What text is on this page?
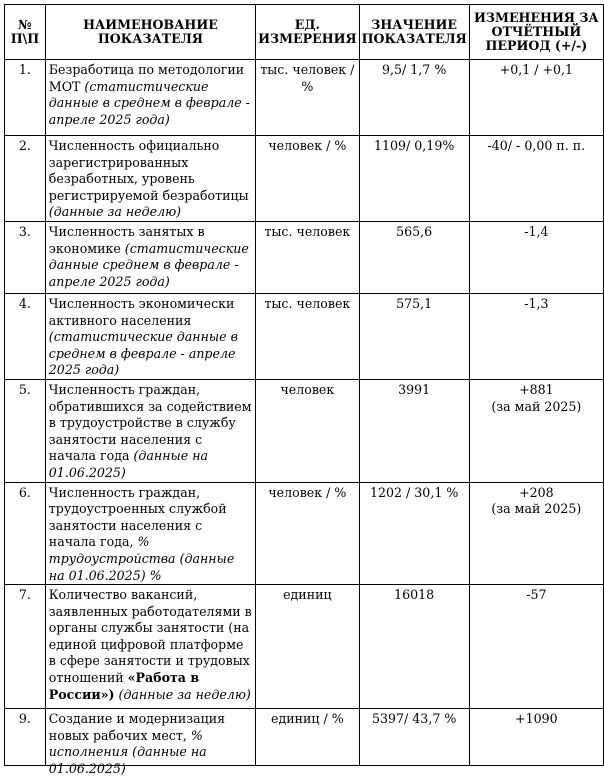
№ П\П	НАИМЕНОВАНИЕ ПОКАЗАТЕЛЯ	ЕД. ИЗМЕРЕНИЯ	ЗНАЧЕНИЕ ПОКАЗАТЕЛЯ	ИЗМЕНЕНИЯ ЗА ОТЧЁТНЫЙ ПЕРИОД (+/-)

1.	Безработица по методологии МОТ (статистические данные в среднем в феврале - апреле 2025 года)	тыс. человек / %	9,5/ 1,7 %	+0,1 / +0,1

2.	Численность официально зарегистрированных безработных, уровень регистрируемой безработицы (данные за неделю)	человек / %	1109/ 0,19%	-40/ - 0,00 п. п.

3.	Численность занятых в экономике (статистические данные среднем в феврале - апреле 2025 года)	тыс. человек	565,6	-1,4

4.	Численность экономически активного населения (статистические данные в среднем в феврале - апреле 2025 года)	тыс. человек	575,1	-1,3

5.	Численность граждан, обратившихся за содействием в трудоустройстве в службу занятости населения с начала года (данные на 01.06.2025)	человек	3991	+881
(за май 2025)

6.	Численность граждан, трудоустроенных службой занятости населения с начала года, % трудоустройства (данные на 01.06.2025) %	человек / %	1202 / 30,1 %	+208
(за май 2025)

7.	Количество вакансий, заявленных работодателями в органы службы занятости (на единой цифровой платформе в сфере занятости и трудовых отношений «Работа в России») (данные за неделю)	единиц	16018	-57

9.	Создание и модернизация новых рабочих мест, % исполнения (данные на 01.06.2025)	единиц / %	5397/ 43,7 %	+1090
